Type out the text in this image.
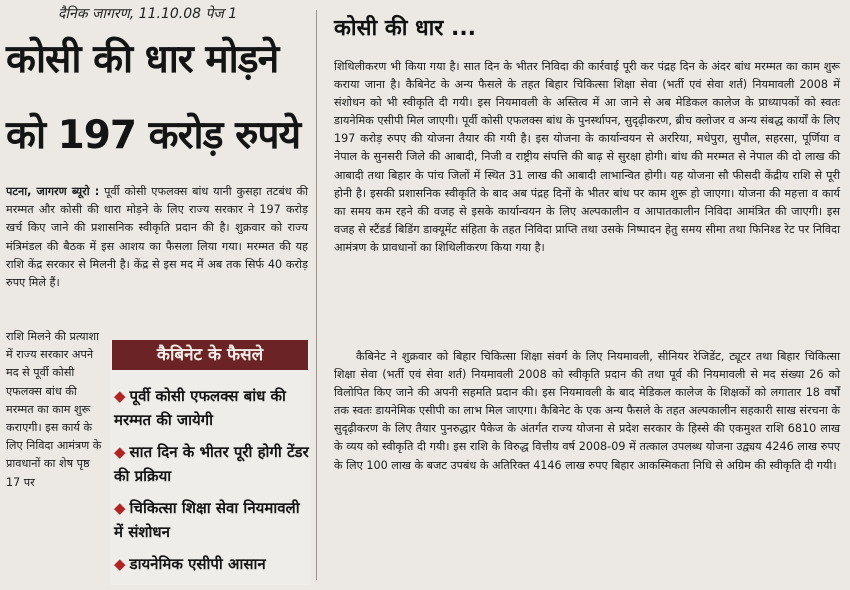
दैनिक जागरण, 11.10.08 पेज 1
कोसी की धार मोड़ने
को 197 करोड़ रुपये
पटना, जागरण ब्यूरो : पूर्वी कोसी एफलक्स बांध यानी कुसहा तटबंध की मरम्मत और कोसी की धारा मोड़ने के लिए राज्य सरकार ने 197 करोड़ खर्च किए जाने की प्रशासनिक स्वीकृति प्रदान की है। शुक्रवार को राज्य मंत्रिमंडल की बैठक में इस आशय का फैसला लिया गया। मरम्मत की यह राशि केंद्र सरकार से मिलनी है। केंद्र से इस मद में अब तक सिर्फ 40 करोड़ रुपए मिले हैं।
राशि मिलने की प्रत्याशा में राज्य सरकार अपने मद से पूर्वी कोसी एफलक्स बांध की मरम्मत का काम शुरू कराएगी। इस कार्य के लिए निविदा आमंत्रण के प्रावधानों का शेष पृष्ठ 17 पर
कैबिनेट के फैसले
◆ पूर्वी कोसी एफलक्स बांध की मरम्मत की जायेगी
◆ सात दिन के भीतर पूरी होगी टेंडर की प्रक्रिया
◆ चिकित्सा शिक्षा सेवा नियमावली में संशोधन
◆ डायनेमिक एसीपी आसान
कोसी की धार ...
शिथिलीकरण भी किया गया है। सात दिन के भीतर निविदा की कार्रवाई पूरी कर पंद्रह दिन के अंदर बांध मरम्मत का काम शुरू कराया जाना है। कैबिनेट के अन्य फैसले के तहत बिहार चिकित्सा शिक्षा सेवा (भर्ती एवं सेवा शर्त) नियमावली 2008 में संशोधन को भी स्वीकृति दी गयी। इस नियमावली के अस्तित्व में आ जाने से अब मेडिकल कालेज के प्राध्यापकों को स्वतः डायनेमिक एसीपी मिल जाएगी। पूर्वी कोसी एफलक्स बांध के पुनर्स्थापन, सुदृढ़ीकरण, ब्रीच क्लोजर व अन्य संबद्ध कार्यों के लिए 197 करोड़ रुपए की योजना तैयार की गयी है। इस योजना के कार्यान्वयन से अररिया, मधेपुरा, सुपौल, सहरसा, पूर्णिया व नेपाल के सुनसरी जिले की आबादी, निजी व राष्ट्रीय संपत्ति की बाढ़ से सुरक्षा होगी। बांध की मरम्मत से नेपाल की दो लाख की आबादी तथा बिहार के पांच जिलों में स्थित 31 लाख की आबादी लाभान्वित होगी। यह योजना सौ फीसदी केंद्रीय राशि से पूरी होनी है। इसकी प्रशासनिक स्वीकृति के बाद अब पंद्रह दिनों के भीतर बांध पर काम शुरू हो जाएगा। योजना की महत्ता व कार्य का समय कम रहने की वजह से इसके कार्यान्वयन के लिए अल्पकालीन व आपातकालीन निविदा आमंत्रित की जाएगी। इस वजह से स्टैंडर्ड बिडिंग डाक्यूमेंट संहिता के तहत निविदा प्राप्ति तथा उसके निष्पादन हेतु समय सीमा तथा फिनिश्ड रेट पर निविदा आमंत्रण के प्रावधानों का शिथिलीकरण किया गया है।
कैबिनेट ने शुक्रवार को बिहार चिकित्सा शिक्षा संवर्ग के लिए नियमावली, सीनियर रेजिडेंट, ट्यूटर तथा बिहार चिकित्सा शिक्षा सेवा (भर्ती एवं सेवा शर्त) नियमावली 2008 को स्वीकृति प्रदान की तथा पूर्व की नियमावली से मद संख्या 26 को विलोपित किए जाने की अपनी सहमति प्रदान की। इस नियमावली के बाद मेडिकल कालेज के शिक्षकों को लगातार 18 वर्षों तक स्वतः डायनेमिक एसीपी का लाभ मिल जाएगा। कैबिनेट के एक अन्य फैसले के तहत अल्पकालीन सहकारी साख संरचना के सुदृढ़ीकरण के लिए तैयार पुनरुद्धार पैकेज के अंतर्गत राज्य योजना से प्रदेश सरकार के हिस्से की एकमुश्त राशि 6810 लाख के व्यय को स्वीकृति दी गयी। इस राशि के विरुद्ध वित्तीय वर्ष 2008-09 में तत्काल उपलब्ध योजना उद्व्यय 4246 लाख रुपए के लिए 100 लाख के बजट उपबंध के अतिरिक्त 4146 लाख रुपए बिहार आकस्मिकता निधि से अग्रिम की स्वीकृति दी गयी।
